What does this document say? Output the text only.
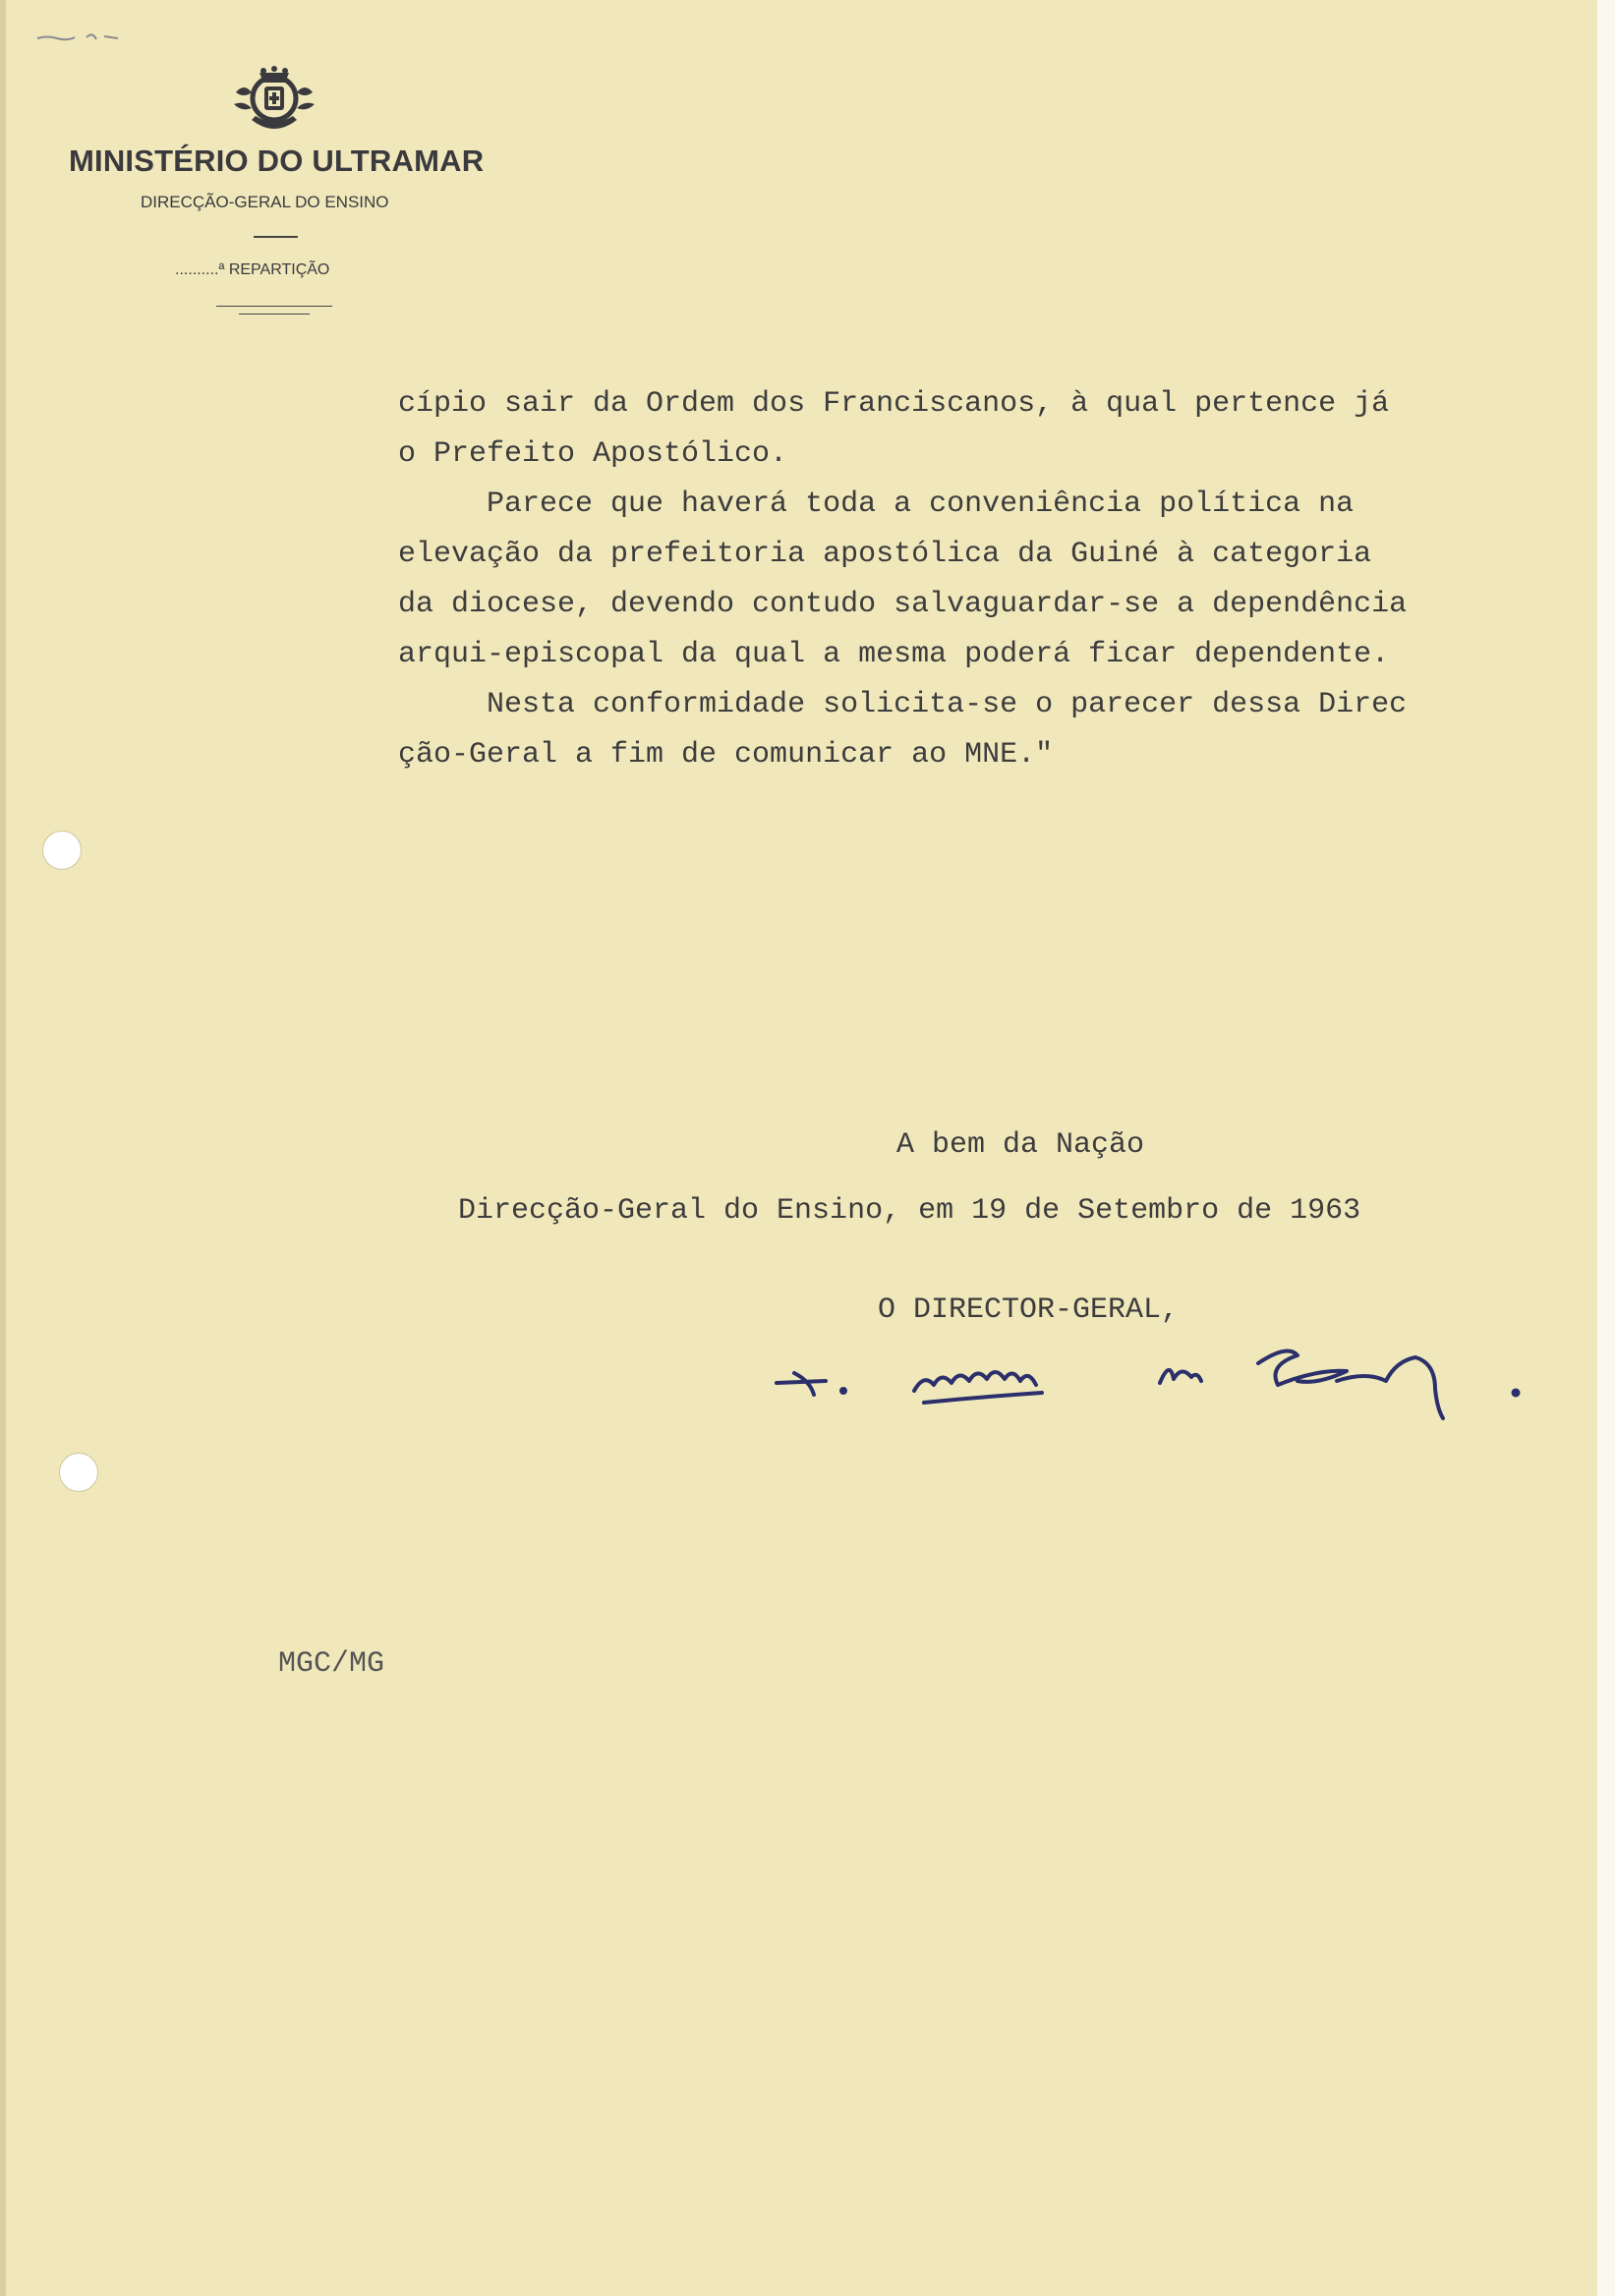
MINISTÉRIO DO ULTRAMAR
DIRECÇÃO-GERAL DO ENSINO
..........ª REPARTIÇÃO
cípio sair da Ordem dos Franciscanos, à qual pertence já
o Prefeito Apostólico.
Parece que haverá toda a conveniência política na
elevação da prefeitoria apostólica da Guiné à categoria
da diocese, devendo contudo salvaguardar-se a dependência
arqui-episcopal da qual a mesma poderá ficar dependente.
Nesta conformidade solicita-se o parecer dessa Direc
ção-Geral a fim de comunicar ao MNE."
A bem da Nação
Direcção-Geral do Ensino, em 19 de Setembro de 1963
O DIRECTOR-GERAL,
MGC/MG
